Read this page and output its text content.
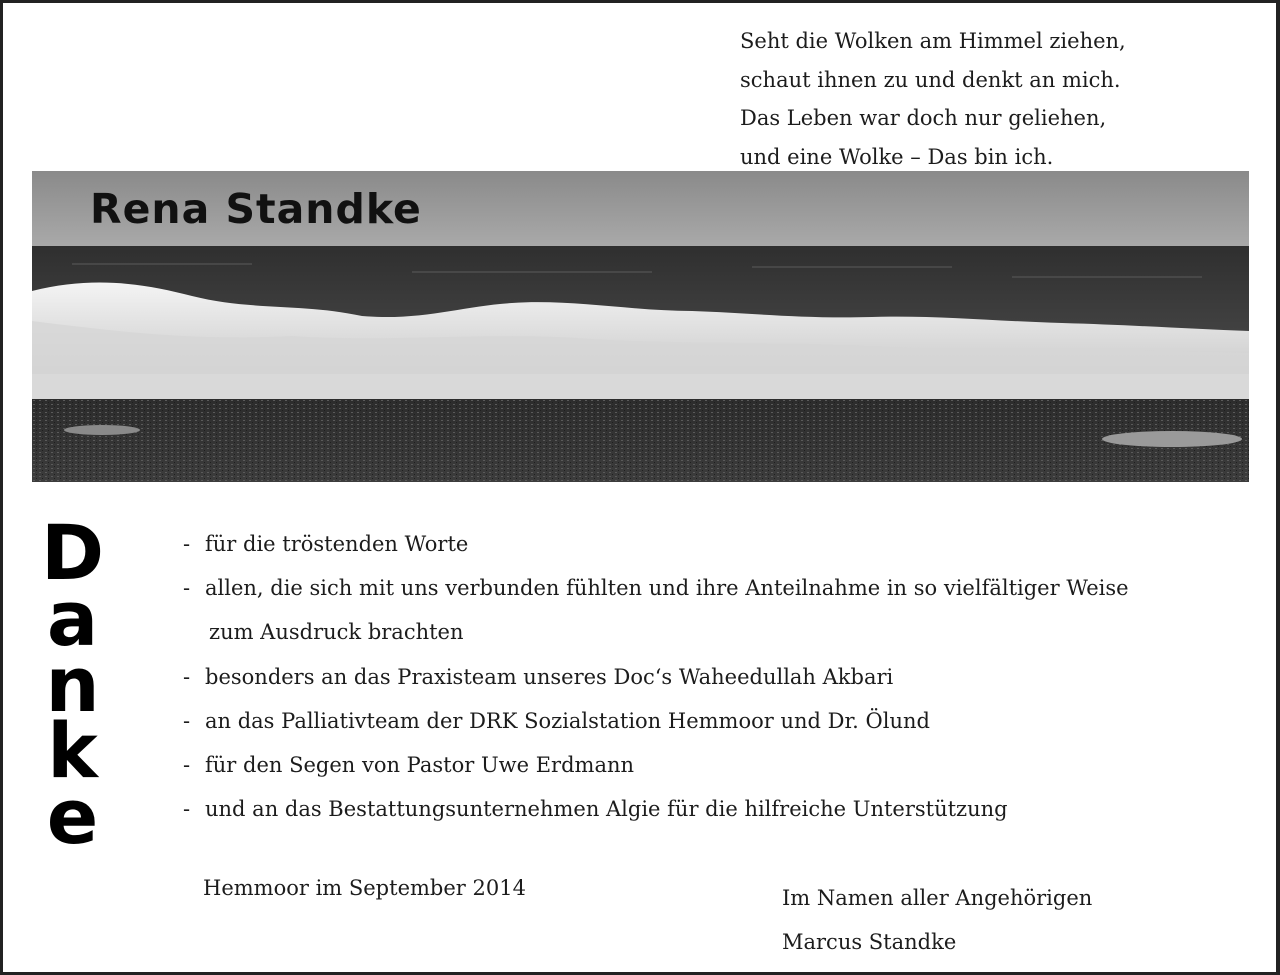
Seht die Wolken am Himmel ziehen,
schaut ihnen zu und denkt an mich.
Das Leben war doch nur geliehen,
und eine Wolke – Das bin ich.
Rena Standke
D
a
n
k
e
- für die tröstenden Worte
- allen, die sich mit uns verbunden fühlten und ihre Anteilnahme in so vielfältiger Weise
zum Ausdruck brachten
- besonders an das Praxisteam unseres Doc‘s Waheedullah Akbari
- an das Palliativteam der DRK Sozialstation Hemmoor und Dr. Ölund
- für den Segen von Pastor Uwe Erdmann
- und an das Bestattungsunternehmen Algie für die hilfreiche Unterstützung
Hemmoor im September 2014	Im Namen aller Angehörigen
Marcus Standke
